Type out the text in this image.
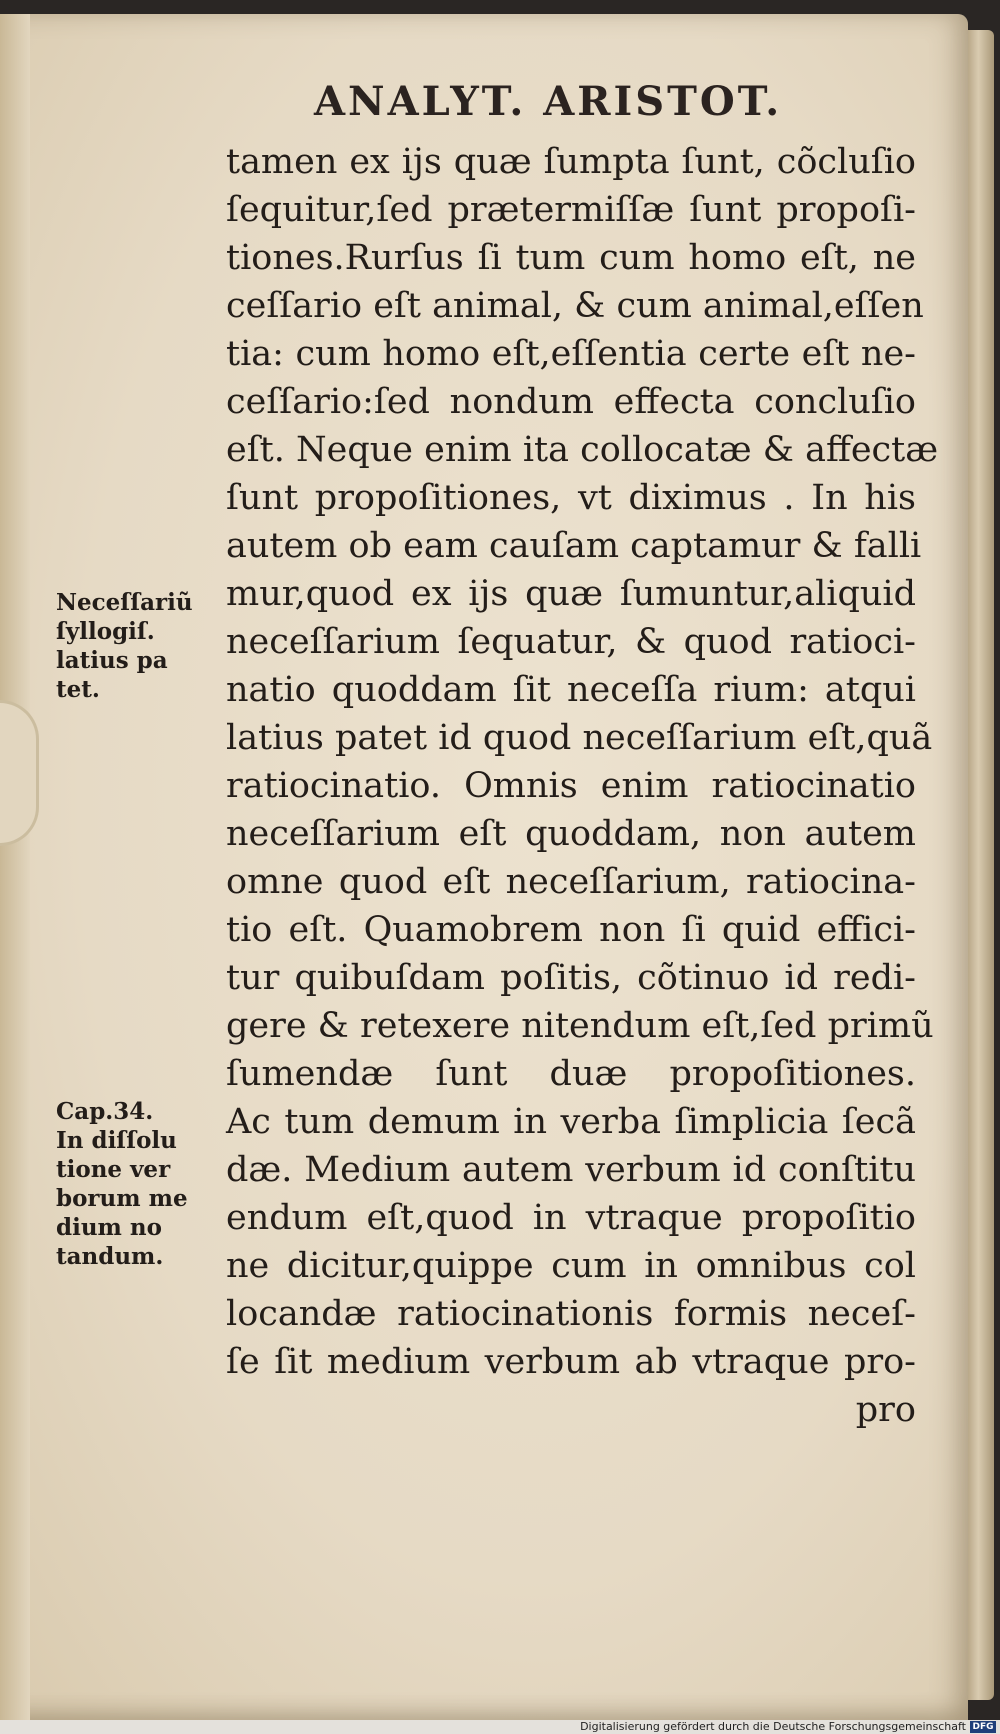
ANALYT. ARISTOT.
tamen ex ijs quæ ſumpta ſunt, cõcluſio
ſequitur,ſed prætermiſſæ ſunt propoſi-
tiones.Rurſus ſi tum cum homo eſt, ne
ceſſario eſt animal, & cum animal,eſſen
tia: cum homo eſt,eſſentia certe eſt ne-
ceſſario:ſed nondum effecta concluſio
eſt. Neque enim ita collocatæ & affectæ
ſunt propoſitiones, vt diximus . In his
autem ob eam cauſam captamur & falli
mur,quod ex ijs quæ ſumuntur,aliquid
neceſſarium ſequatur, & quod ratioci-
natio quoddam ſit neceſſa rium: atqui
latius patet id quod neceſſarium eſt,quã
ratiocinatio. Omnis enim ratiocinatio
neceſſarium eſt quoddam, non autem
omne quod eſt neceſſarium, ratiocina-
tio eſt. Quamobrem non ſi quid effici-
tur quibuſdam poſitis, cõtinuo id redi-
gere & retexere nitendum eſt,ſed primũ
ſumendæ ſunt duæ propoſitiones.
Ac tum demum in verba ſimplicia ſecã
dæ. Medium autem verbum id conſtitu
endum eſt,quod in vtraque propoſitio
ne dicitur,quippe cum in omnibus col
locandæ ratiocinationis formis neceſ-
ſe ſit medium verbum ab vtraque pro-
pro
Neceſſariũ
ſyllogiſ.
latius pa
tet.
Cap.34.
In diſſolu
tione ver
borum me
dium no
tandum.
Digitalisierung gefördert durch die Deutsche Forschungsgemeinschaft DFG
